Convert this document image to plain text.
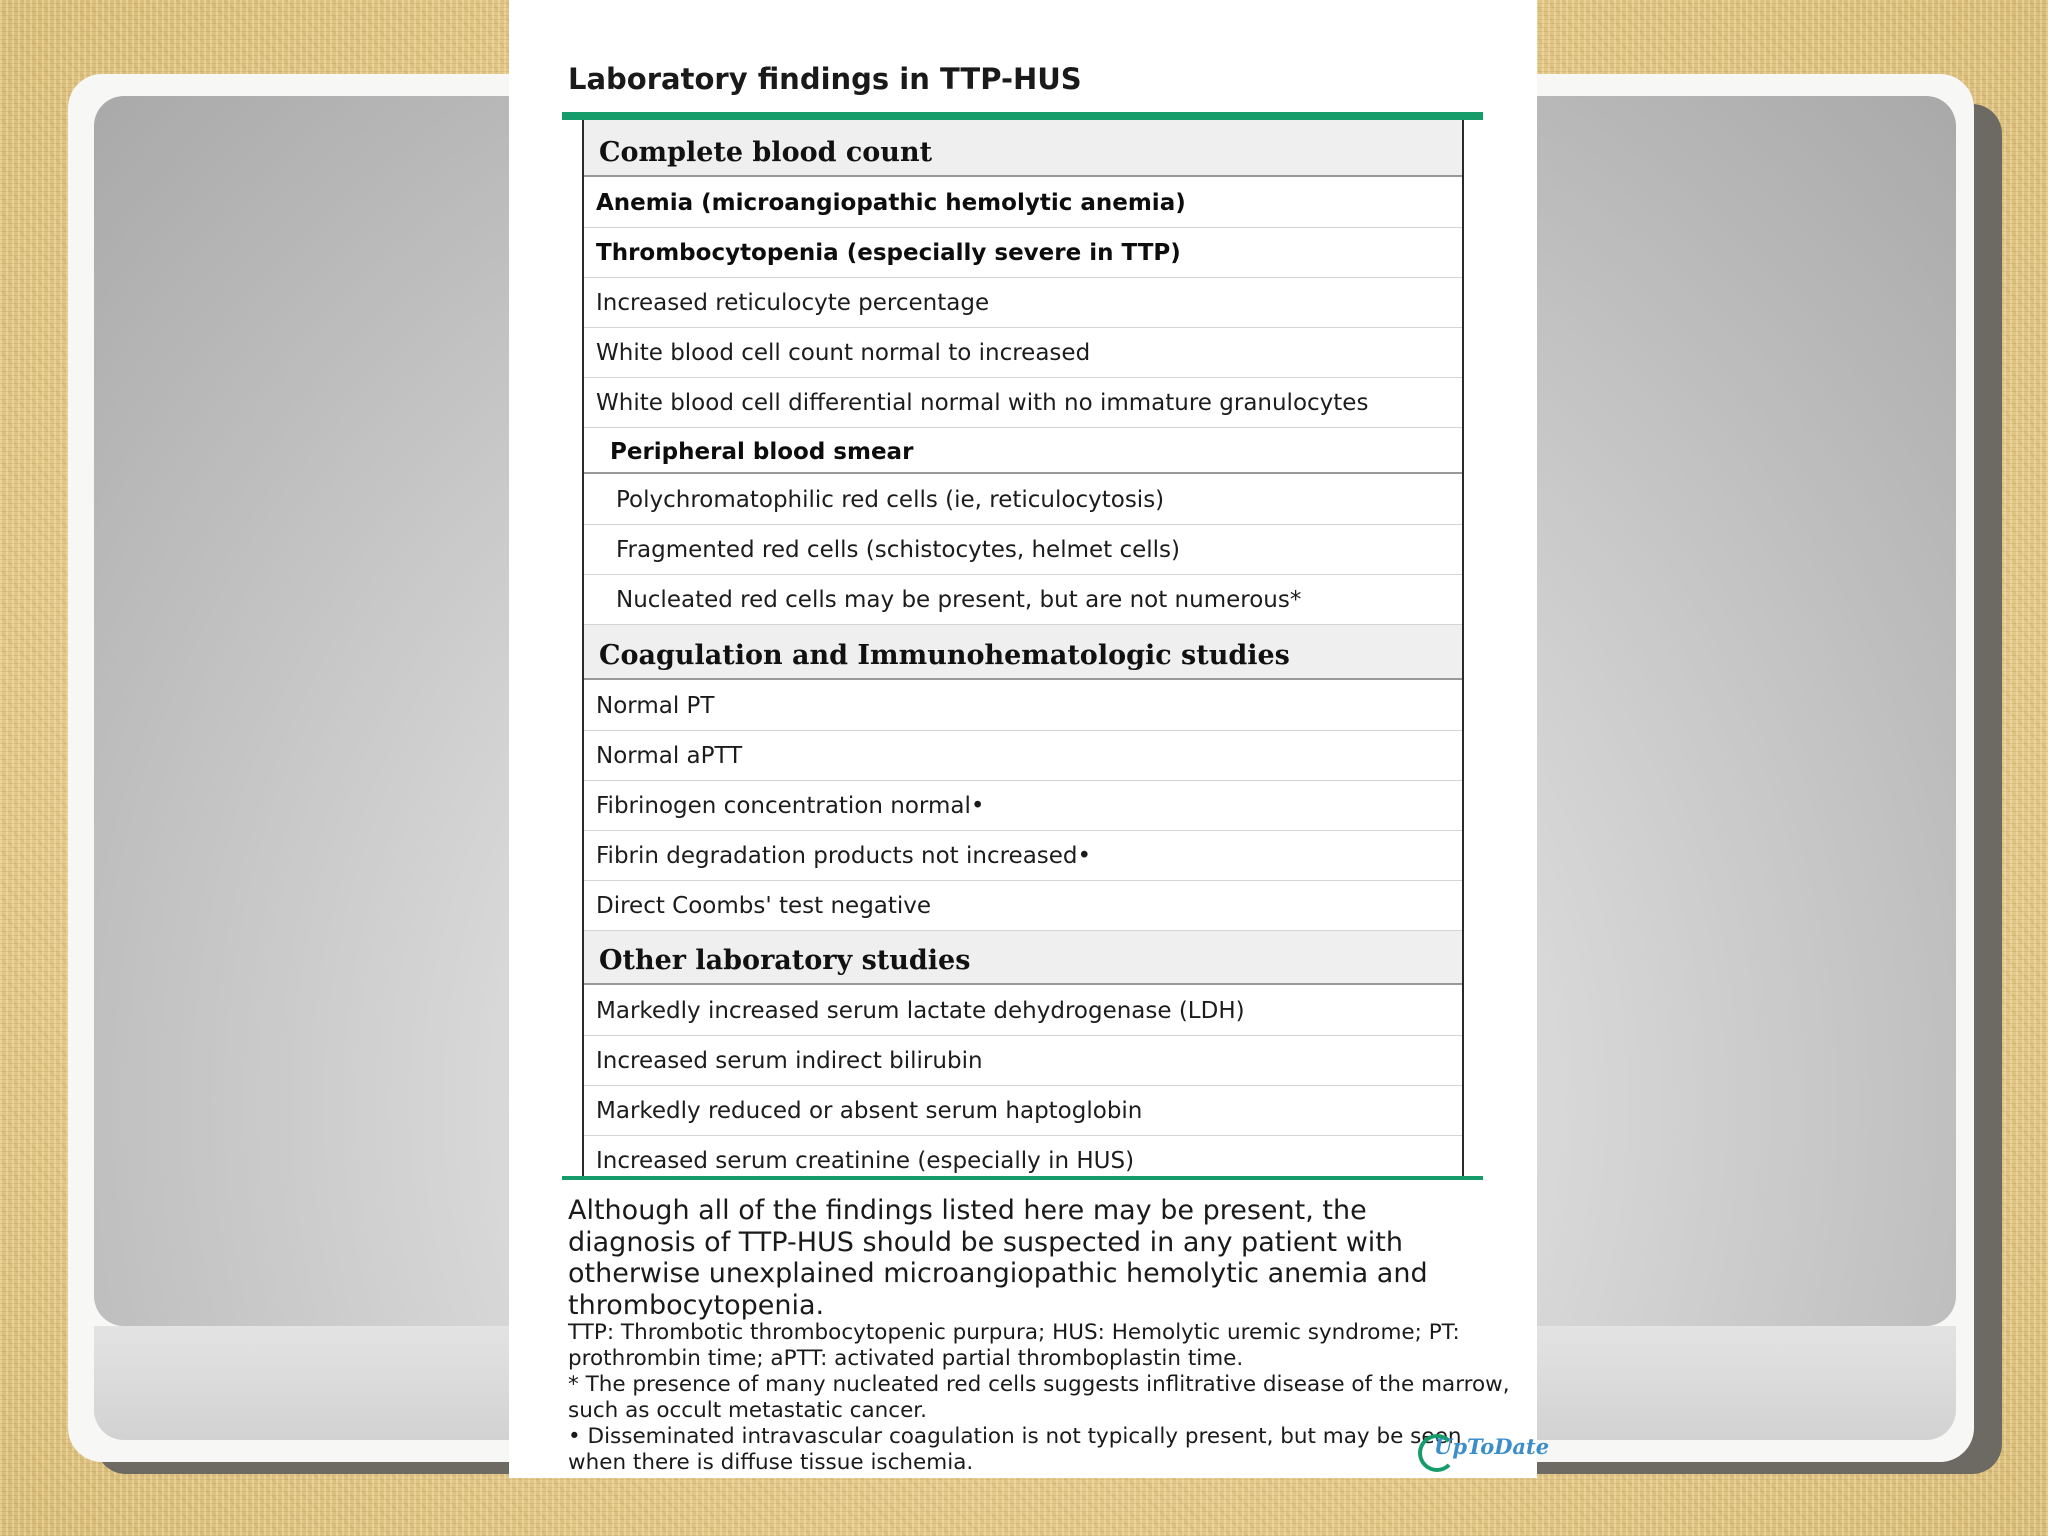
Laboratory findings in TTP-HUS
Complete blood count
Anemia (microangiopathic hemolytic anemia)
Thrombocytopenia (especially severe in TTP)
Increased reticulocyte percentage
White blood cell count normal to increased
White blood cell differential normal with no immature granulocytes
Peripheral blood smear
Polychromatophilic red cells (ie, reticulocytosis)
Fragmented red cells (schistocytes, helmet cells)
Nucleated red cells may be present, but are not numerous*
Coagulation and Immunohematologic studies
Normal PT
Normal aPTT
Fibrinogen concentration normal•
Fibrin degradation products not increased•
Direct Coombs' test negative
Other laboratory studies
Markedly increased serum lactate dehydrogenase (LDH)
Increased serum indirect bilirubin
Markedly reduced or absent serum haptoglobin
Increased serum creatinine (especially in HUS)
Although all of the findings listed here may be present, the diagnosis of TTP-HUS should be suspected in any patient with otherwise unexplained microangiopathic hemolytic anemia and thrombocytopenia.

TTP: Thrombotic thrombocytopenic purpura; HUS: Hemolytic uremic syndrome; PT: prothrombin time; aPTT: activated partial thromboplastin time.

* The presence of many nucleated red cells suggests inflitrative disease of the marrow, such as occult metastatic cancer.

• Disseminated intravascular coagulation is not typically present, but may be seen when there is diffuse tissue ischemia.

UpToDate
